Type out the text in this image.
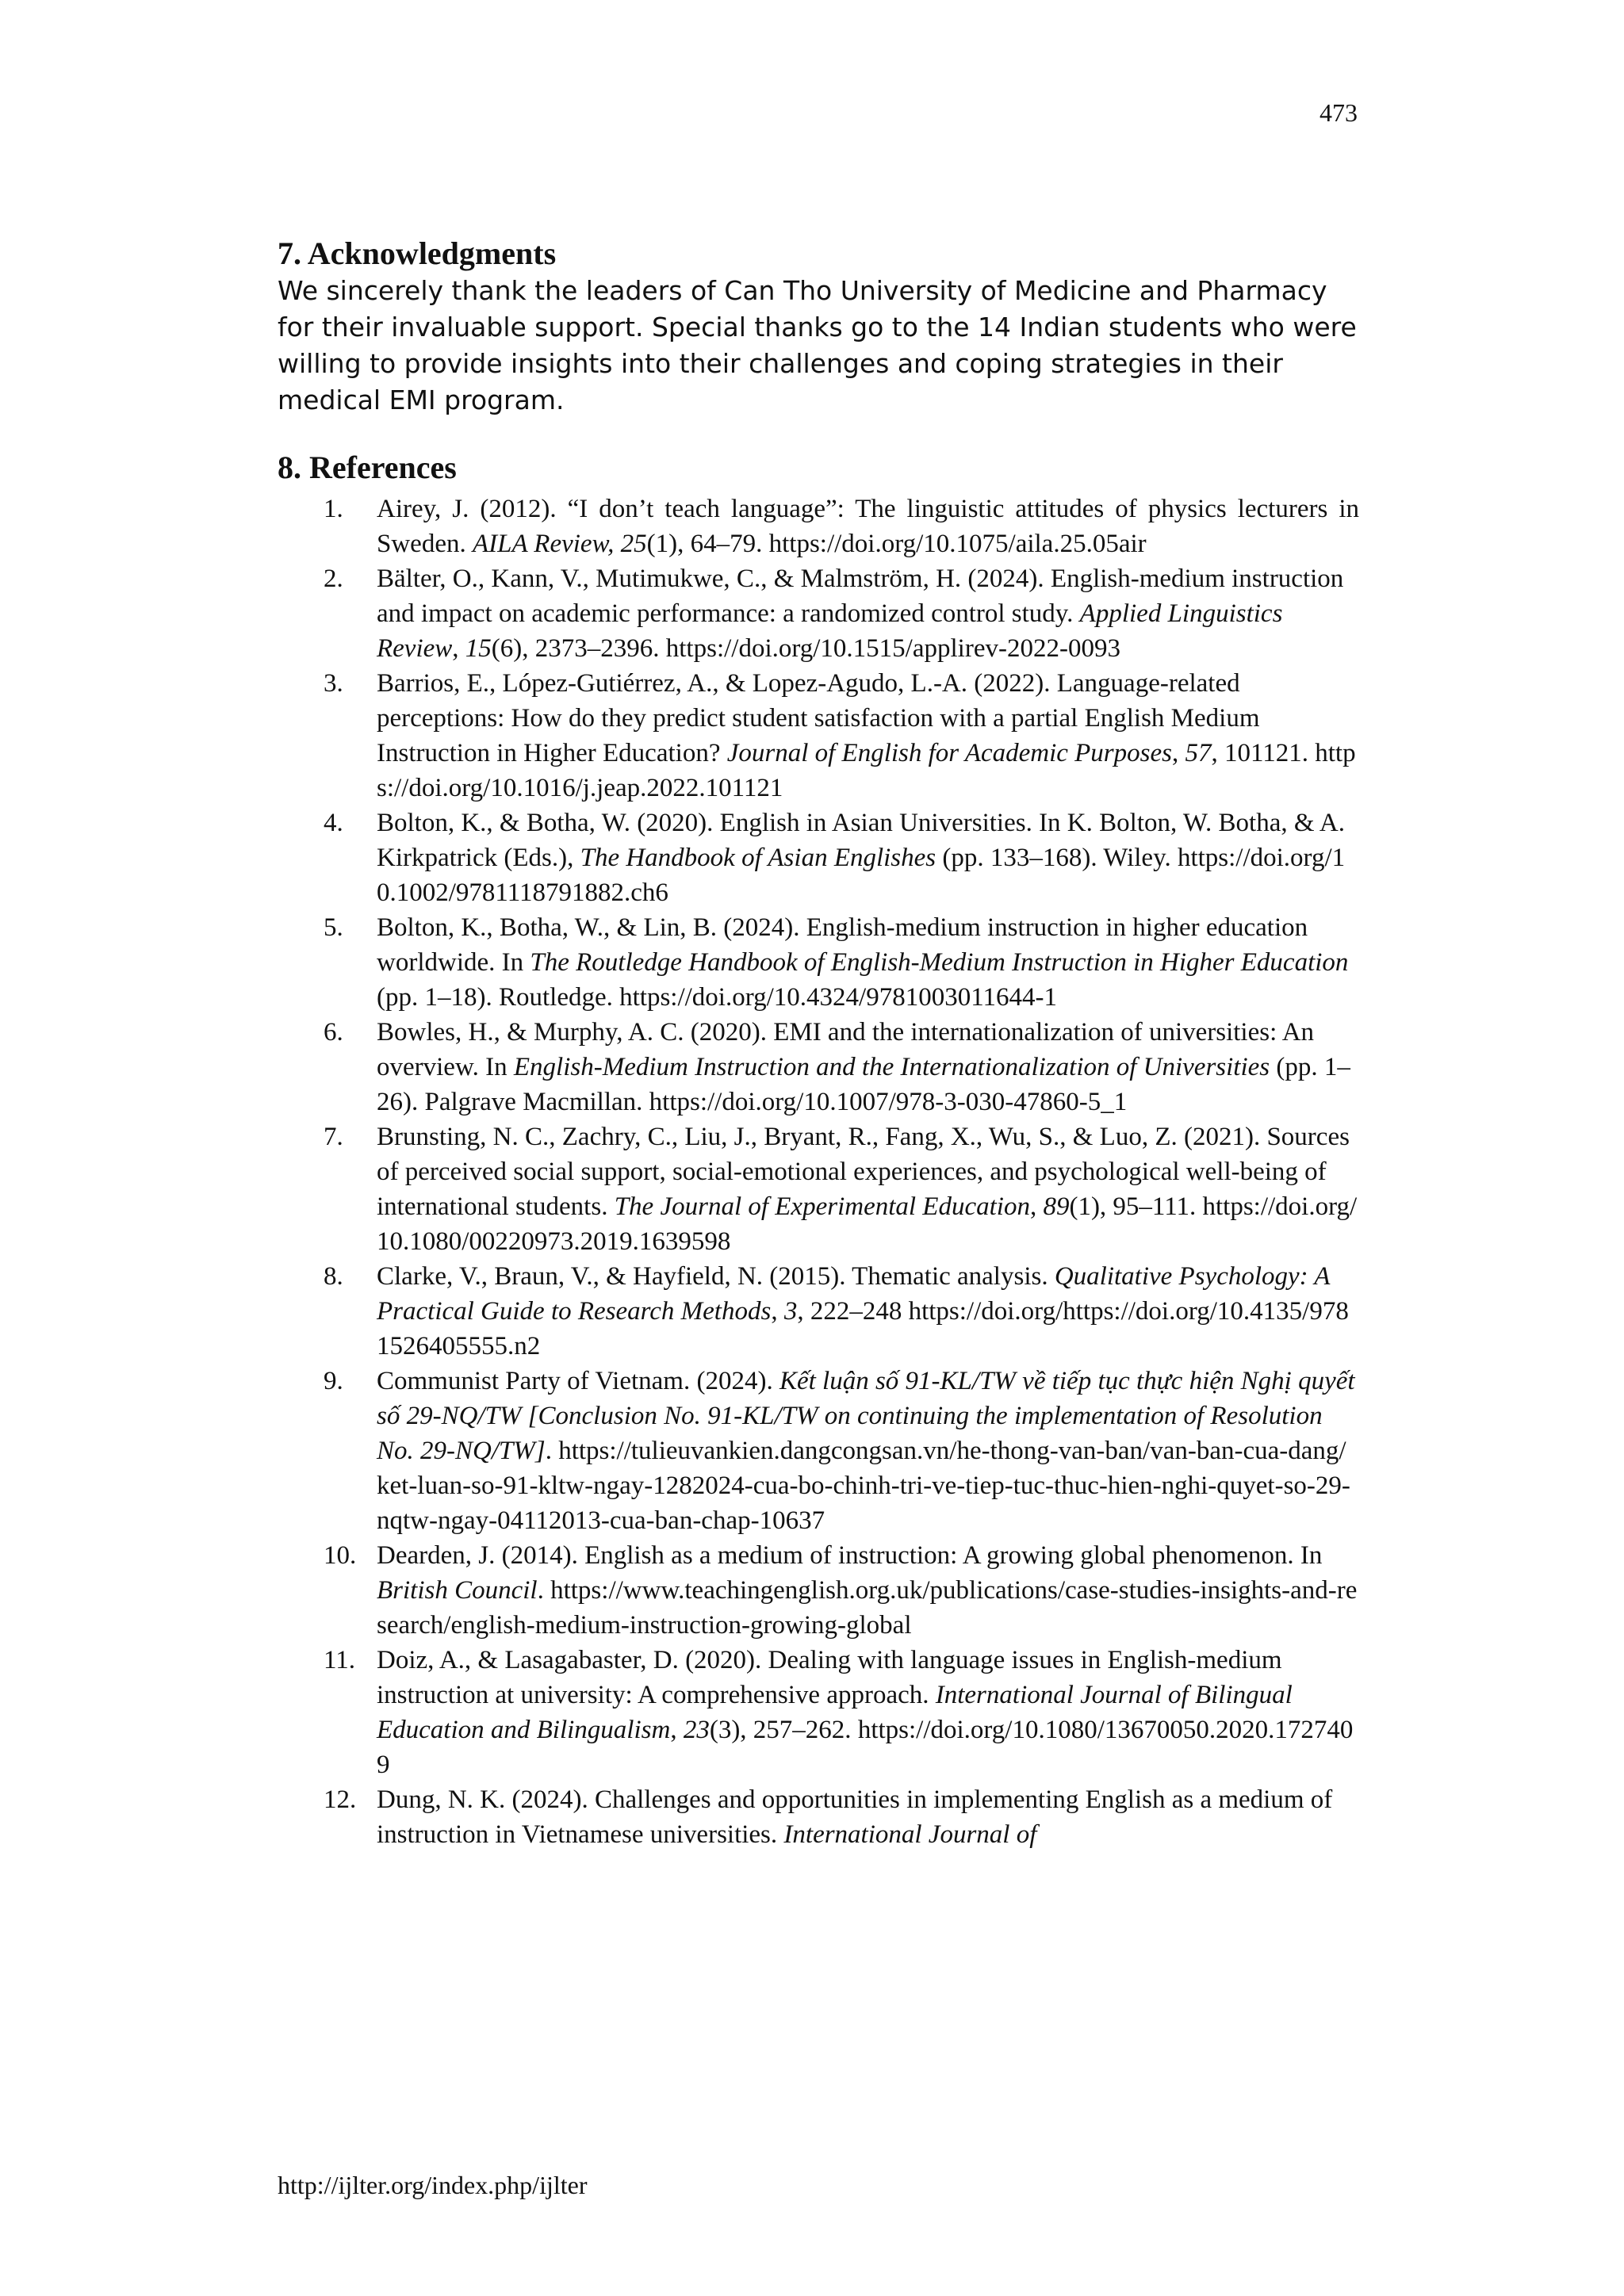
473
7. Acknowledgments

We sincerely thank the leaders of Can Tho University of Medicine and Pharmacy for their invaluable support. Special thanks go to the 14 Indian students who were willing to provide insights into their challenges and coping strategies in their medical EMI program.

8. References
1. Airey, J. (2012). “I don’t teach language”: The linguistic attitudes of physics lecturers in Sweden. AILA Review, 25(1), 64–79. https://doi.org/10.1075/aila.25.05air
2. Bälter, O., Kann, V., Mutimukwe, C., & Malmström, H. (2024). English-medium instruction and impact on academic performance: a randomized control study. Applied Linguistics Review, 15(6), 2373–2396. https://doi.org/10.1515/applirev-2022-0093
3. Barrios, E., López-Gutiérrez, A., & Lopez-Agudo, L.-A. (2022). Language-related perceptions: How do they predict student satisfaction with a partial English Medium Instruction in Higher Education? Journal of English for Academic Purposes, 57, 101121. https://doi.org/10.1016/j.jeap.2022.101121
4. Bolton, K., & Botha, W. (2020). English in Asian Universities. In K. Bolton, W. Botha, & A. Kirkpatrick (Eds.), The Handbook of Asian Englishes (pp. 133–168). Wiley. https://doi.org/10.1002/9781118791882.ch6
5. Bolton, K., Botha, W., & Lin, B. (2024). English-medium instruction in higher education worldwide. In The Routledge Handbook of English-Medium Instruction in Higher Education (pp. 1–18). Routledge. https://doi.org/10.4324/9781003011644-1
6. Bowles, H., & Murphy, A. C. (2020). EMI and the internationalization of universities: An overview. In English-Medium Instruction and the Internationalization of Universities (pp. 1–26). Palgrave Macmillan. https://doi.org/10.1007/978-3-030-47860-5_1
7. Brunsting, N. C., Zachry, C., Liu, J., Bryant, R., Fang, X., Wu, S., & Luo, Z. (2021). Sources of perceived social support, social-emotional experiences, and psychological well-being of international students. The Journal of Experimental Education, 89(1), 95–111. https://doi.org/10.1080/00220973.2019.1639598
8. Clarke, V., Braun, V., & Hayfield, N. (2015). Thematic analysis. Qualitative Psychology: A Practical Guide to Research Methods, 3, 222–248 https://doi.org/https://doi.org/10.4135/9781526405555.n2
9. Communist Party of Vietnam. (2024). Kết luận số 91-KL/TW về tiếp tục thực hiện Nghị quyết số 29-NQ/TW [Conclusion No. 91-KL/TW on continuing the implementation of Resolution No. 29-NQ/TW]. https://tulieuvankien.dangcongsan.vn/he-thong-van-ban/van-ban-cua-dang/ket-luan-so-91-kltw-ngay-1282024-cua-bo-chinh-tri-ve-tiep-tuc-thuc-hien-nghi-quyet-so-29-nqtw-ngay-04112013-cua-ban-chap-10637
10. Dearden, J. (2014). English as a medium of instruction: A growing global phenomenon. In British Council. https://www.teachingenglish.org.uk/publications/case-studies-insights-and-research/english-medium-instruction-growing-global
11. Doiz, A., & Lasagabaster, D. (2020). Dealing with language issues in English-medium instruction at university: A comprehensive approach. International Journal of Bilingual Education and Bilingualism, 23(3), 257–262. https://doi.org/10.1080/13670050.2020.1727409
12. Dung, N. K. (2024). Challenges and opportunities in implementing English as a medium of instruction in Vietnamese universities. International Journal of
http://ijlter.org/index.php/ijlter
